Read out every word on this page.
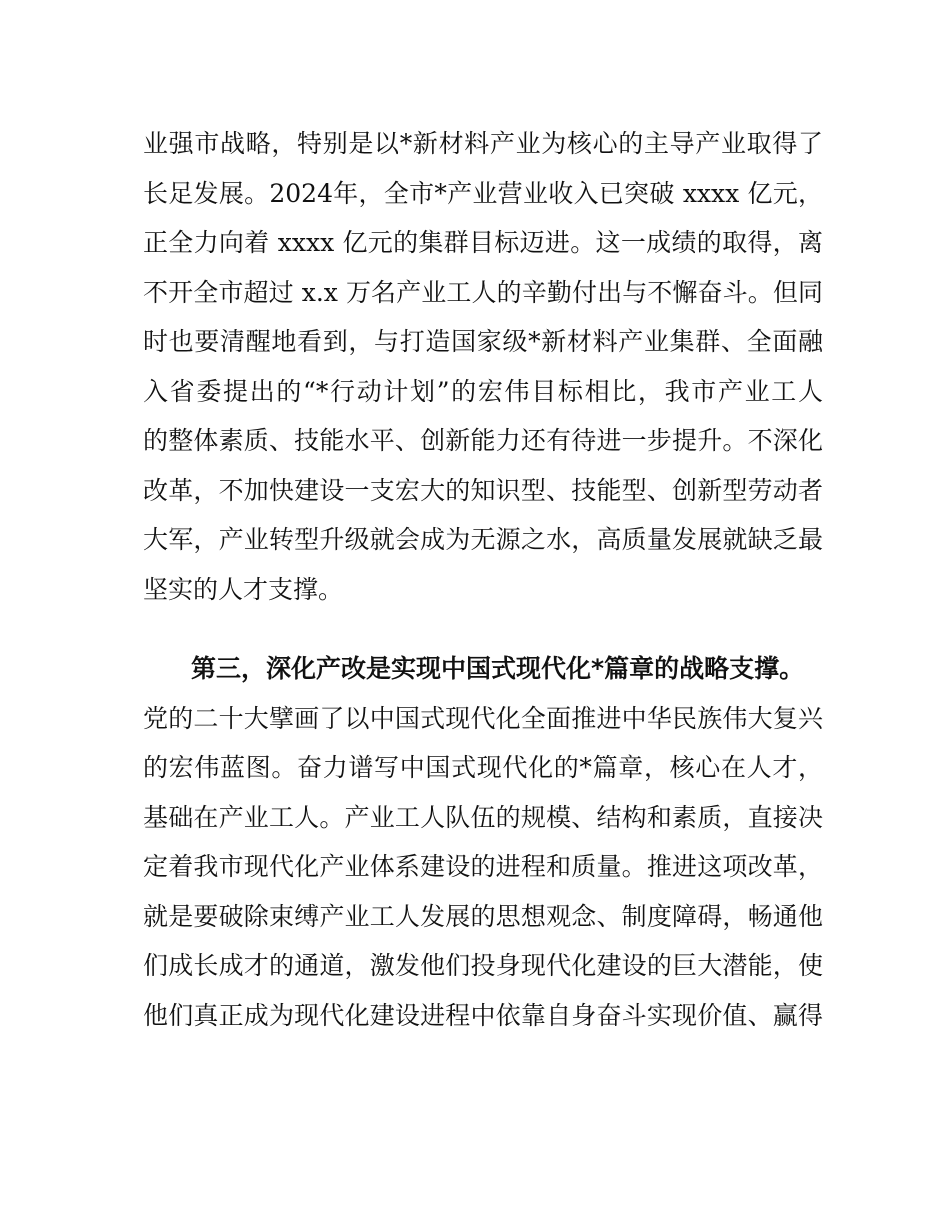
业强市战略，特别是以*新材料产业为核心的主导产业取得了
长足发展。2024年，全市*产业营业收入已突破 xxxx 亿元，
正全力向着 xxxx 亿元的集群目标迈进。这一成绩的取得，离
不开全市超过 x.x 万名产业工人的辛勤付出与不懈奋斗。但同
时也要清醒地看到，与打造国家级*新材料产业集群、全面融
入省委提出的“*行动计划”的宏伟目标相比，我市产业工人
的整体素质、技能水平、创新能力还有待进一步提升。不深化
改革，不加快建设一支宏大的知识型、技能型、创新型劳动者
大军，产业转型升级就会成为无源之水，高质量发展就缺乏最
坚实的人才支撑。
第三，深化产改是实现中国式现代化*篇章的战略支撑。
党的二十大擘画了以中国式现代化全面推进中华民族伟大复兴
的宏伟蓝图。奋力谱写中国式现代化的*篇章，核心在人才，
基础在产业工人。产业工人队伍的规模、结构和素质，直接决
定着我市现代化产业体系建设的进程和质量。推进这项改革，
就是要破除束缚产业工人发展的思想观念、制度障碍，畅通他
们成长成才的通道，激发他们投身现代化建设的巨大潜能，使
他们真正成为现代化建设进程中依靠自身奋斗实现价值、赢得
